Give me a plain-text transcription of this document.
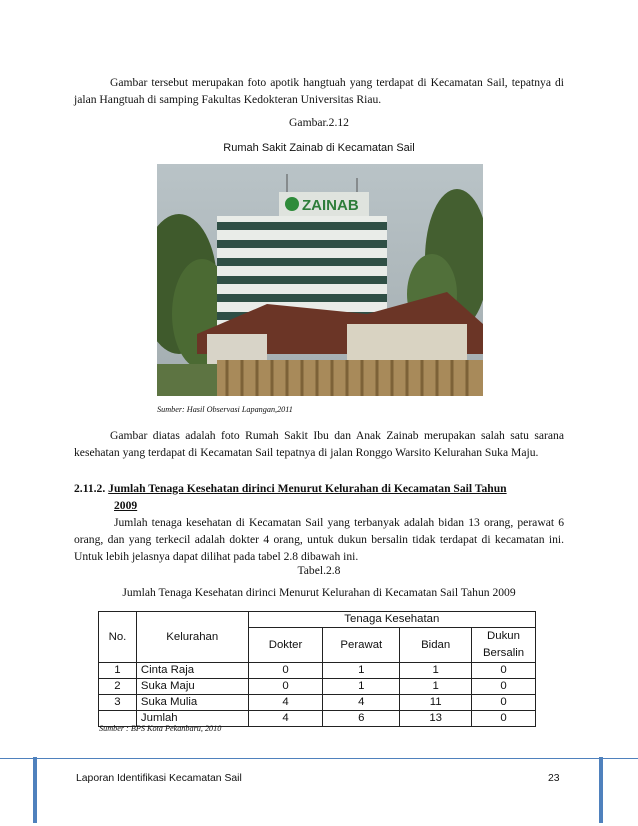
Gambar tersebut merupakan foto apotik hangtuah yang terdapat di Kecamatan Sail, tepatnya di jalan Hangtuah di samping Fakultas Kedokteran Universitas Riau.

Gambar.2.12

Rumah Sakit Zainab di Kecamatan Sail

ZAINAB

Sumber: Hasil Observasi Lapangan,2011

Gambar diatas adalah foto Rumah Sakit Ibu dan Anak Zainab merupakan salah satu sarana kesehatan yang terdapat di Kecamatan Sail tepatnya di jalan Ronggo Warsito Kelurahan Suka Maju.

2.11.2. Jumlah Tenaga Kesehatan dirinci Menurut Kelurahan di Kecamatan Sail Tahun
2009

Jumlah tenaga kesehatan di Kecamatan Sail yang terbanyak adalah bidan 13 orang, perawat 6 orang, dan yang terkecil adalah dokter 4 orang, untuk dukun bersalin tidak terdapat di kecamatan ini. Untuk lebih jelasnya dapat dilihat pada tabel 2.8 dibawah ini.

Tabel.2.8

Jumlah Tenaga Kesehatan dirinci Menurut Kelurahan di Kecamatan Sail Tahun 2009

No.	Kelurahan	Tenaga Kesehatan			
		Dokter	Perawat	Bidan	Dukun
Bersalin
1	Cinta Raja	0	1	1	0
2	Suka Maju	0	1	1	0
3	Suka Mulia	4	4	11	0
	Jumlah	4	6	13	0

Sumber : BPS Kota Pekanbaru, 2010

Laporan Identifikasi Kecamatan Sail	23
